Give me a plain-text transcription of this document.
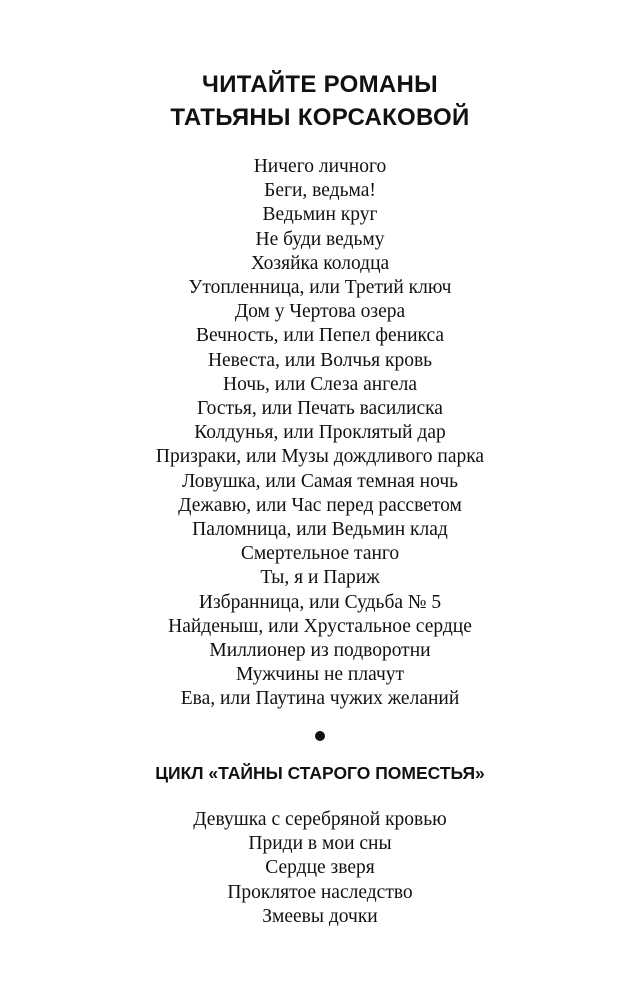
ЧИТАЙТЕ РОМАНЫ
ТАТЬЯНЫ КОРСАКОВОЙ
Ничего личного
Беги, ведьма!
Ведьмин круг
Не буди ведьму
Хозяйка колодца
Утопленница, или Третий ключ
Дом у Чертова озера
Вечность, или Пепел феникса
Невеста, или Волчья кровь
Ночь, или Слеза ангела
Гостья, или Печать василиска
Колдунья, или Проклятый дар
Призраки, или Музы дождливого парка
Ловушка, или Самая темная ночь
Дежавю, или Час перед рассветом
Паломница, или Ведьмин клад
Смертельное танго
Ты, я и Париж
Избранница, или Судьба № 5
Найденыш, или Хрустальное сердце
Миллионер из подворотни
Мужчины не плачут
Ева, или Паутина чужих желаний
ЦИКЛ «ТАЙНЫ СТАРОГО ПОМЕСТЬЯ»
Девушка с серебряной кровью
Приди в мои сны
Сердце зверя
Проклятое наследство
Змеевы дочки
